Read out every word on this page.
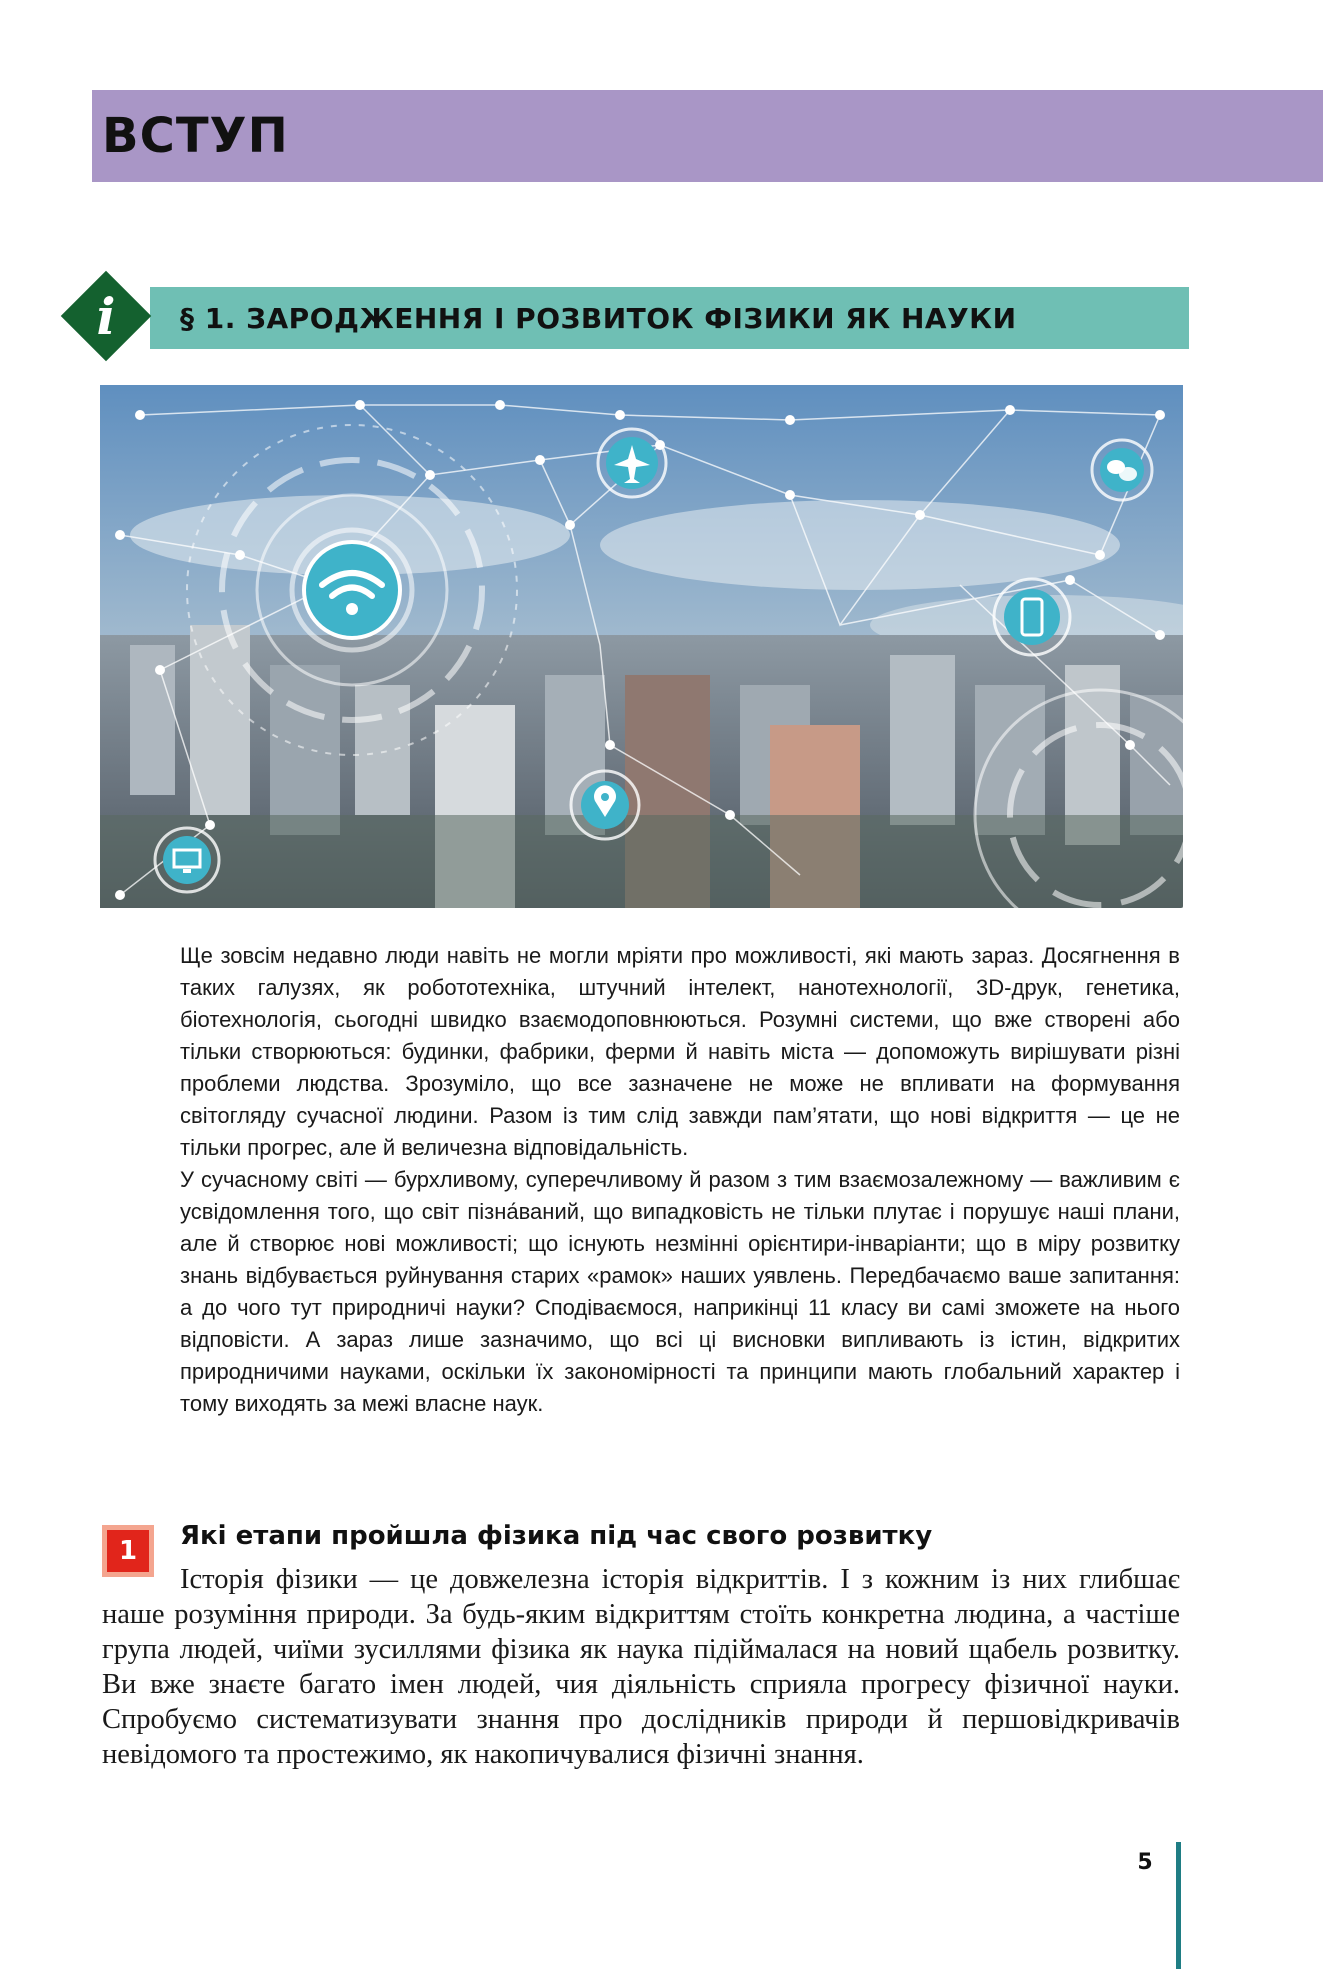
ВСТУП
§ 1. ЗАРОДЖЕННЯ І РОЗВИТОК ФІЗИКИ ЯК НАУКИ
i

Ще зовсім недавно люди навіть не могли мріяти про можливості, які мають зараз. Досягнення в таких галузях, як робототехніка, штучний інтелект, нанотехнології, 3D-друк, генетика, біотехнологія, сьогодні швидко взаємодоповнюються. Розумні системи, що вже створені або тільки створюються: будинки, фабрики, ферми й навіть міста — допоможуть вирішувати різні проблеми людства. Зрозуміло, що все зазначене не може не впливати на формування світогляду сучасної людини. Разом із тим слід завжди пам’ятати, що нові відкриття — це не тільки прогрес, але й величезна відповідальність.

У сучасному світі — бурхливому, суперечливому й разом з тим взаємозалежному — важливим є усвідомлення того, що світ пізна́ваний, що випадковість не тільки плутає і порушує наші плани, але й створює нові можливості; що існують незмінні орієнтири-інваріанти; що в міру розвитку знань відбувається руйнування старих «рамок» наших уявлень. Передбачаємо ваше запитання: а до чого тут природничі науки? Сподіваємося, наприкінці 11 класу ви самі зможете на нього відповісти. А зараз лише зазначимо, що всі ці висновки випливають із істин, відкритих природничими науками, оскільки їх закономірності та принципи мають глобальний характер і тому виходять за межі власне наук.

1	Які етапи пройшла фізика під час свого розвитку

Історія фізики — це довжелезна історія відкриттів. І з кожним із них глибшає наше розуміння природи. За будь-яким відкриттям стоїть конкретна людина, а частіше група людей, чиїми зусиллями фізика як наука підіймалася на новий щабель розвитку. Ви вже знаєте багато імен людей, чия діяльність сприяла прогресу фізичної науки. Спробуємо систематизувати знання про дослідників природи й першовідкривачів невідомого та простежимо, як накопичувалися фізичні знання.

5
